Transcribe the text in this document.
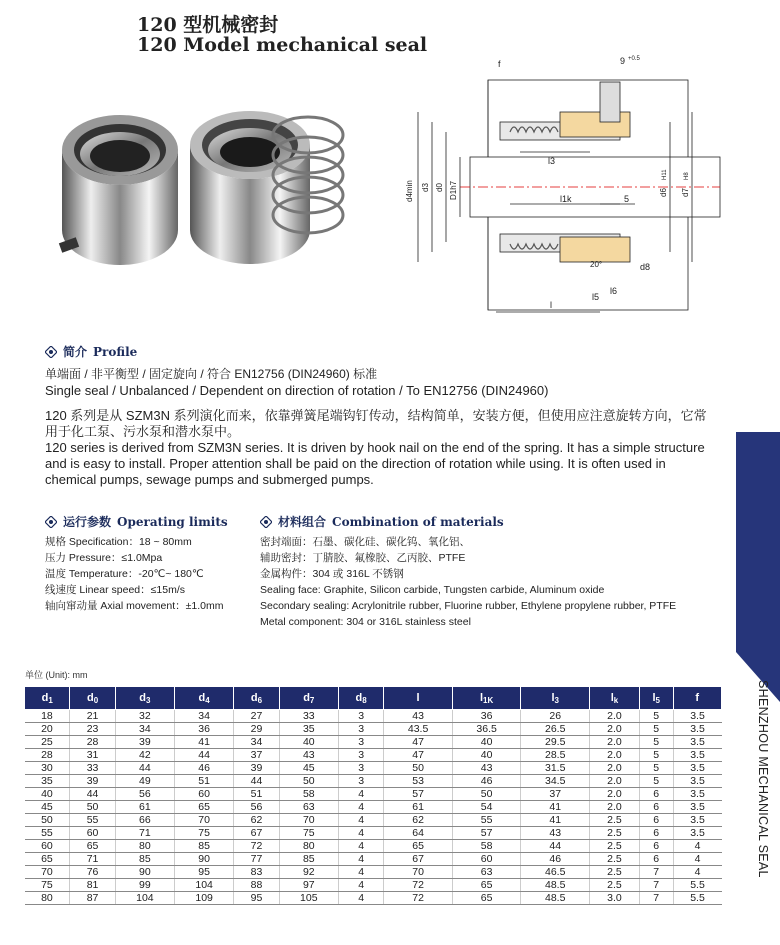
120 型机械密封
120 Model mechanical seal
f	9 +0.5
d4min d3 d0 D1h7
l3
l1k	5
d6
H11
d7
H8
d8
20°
l5
l6
l
简介 Profile
单端面 / 非平衡型 / 固定旋向 / 符合 EN12756 (DIN24960) 标准
Single seal / Unbalanced / Dependent on direction of rotation / To EN12756 (DIN24960)
120 系列是从 SZM3N 系列演化而来，依靠弹簧尾端钩钉传动，结构简单，安装方便，但使用应注意旋转方向，它常用于化工泵、污水泵和潜水泵中。
120 series is derived from SZM3N series. It is driven by hook nail on the end of the spring. It has a simple structure and is easy to install. Proper attention shall be paid on the direction of rotation while using. It is often used in chemical pumps, sewage pumps and submerged pumps.
运行参数 Operating limits
规格 Specification：18 ~ 80mm
压力 Pressure：≤1.0Mpa
温度 Temperature：-20℃~ 180℃
线速度 Linear speed：≤15m/s
轴向窜动量 Axial movement：±1.0mm
材料组合 Combination of materials
密封端面：石墨、碳化硅、碳化钨、氧化铝、
辅助密封：丁腈胶、氟橡胶、乙丙胶、PTFE
金属构件：304 或 316L 不锈钢
Sealing face: Graphite, Silicon carbide, Tungsten carbide, Aluminum oxide
Secondary sealing: Acrylonitrile rubber, Fluorine rubber, Ethylene propylene rubber, PTFE
Metal component: 304 or 316L stainless steel
SHENZHOU MECHANICAL SEAL
单位 (Unit): mm
$d_1$	$d_0$	$d_3$	$d_4$	$d_6$	$d_7$	$d_8$	l	$l_{1K}$	$l_3$	$l_k$	$l_5$	f
18	21	32	34	27	33	3	43	36	26	2.0	5	3.5
20	23	34	36	29	35	3	43.5	36.5	26.5	2.0	5	3.5
25	28	39	41	34	40	3	47	40	29.5	2.0	5	3.5
28	31	42	44	37	43	3	47	40	28.5	2.0	5	3.5
30	33	44	46	39	45	3	50	43	31.5	2.0	5	3.5
35	39	49	51	44	50	3	53	46	34.5	2.0	5	3.5
40	44	56	60	51	58	4	57	50	37	2.0	6	3.5
45	50	61	65	56	63	4	61	54	41	2.0	6	3.5
50	55	66	70	62	70	4	62	55	41	2.5	6	3.5
55	60	71	75	67	75	4	64	57	43	2.5	6	3.5
60	65	80	85	72	80	4	65	58	44	2.5	6	4
65	71	85	90	77	85	4	67	60	46	2.5	6	4
70	76	90	95	83	92	4	70	63	46.5	2.5	7	4
75	81	99	104	88	97	4	72	65	48.5	2.5	7	5.5
80	87	104	109	95	105	4	72	65	48.5	3.0	7	5.5
